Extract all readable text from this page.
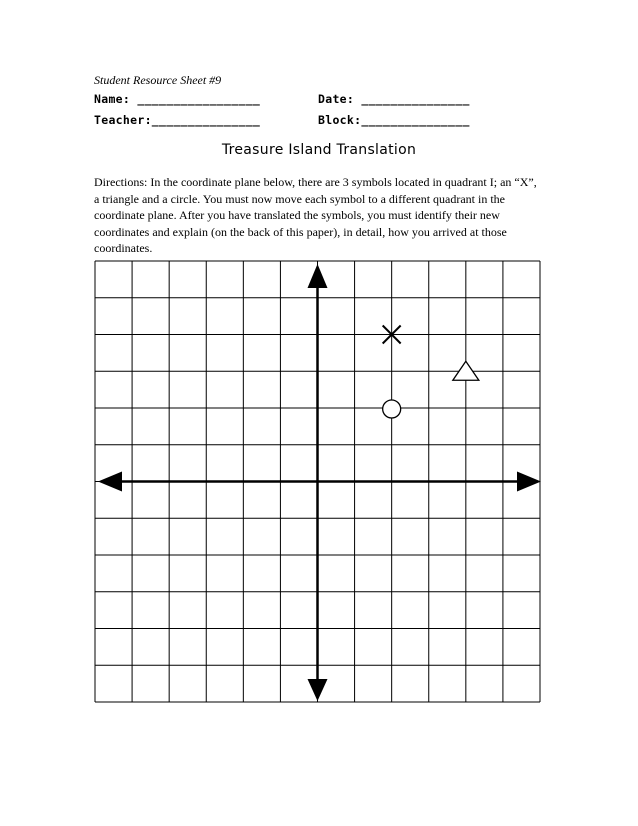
Student Resource Sheet #9
Name: _________________	Date: _______________
Teacher:_______________	Block:_______________
Treasure Island Translation
Directions: In the coordinate plane below, there are 3 symbols located in quadrant I; an “X”, a triangle and a circle. You must now move each symbol to a different quadrant in the coordinate plane. After you have translated the symbols, you must identify their new coordinates and explain (on the back of this paper), in detail, how you arrived at those coordinates.
